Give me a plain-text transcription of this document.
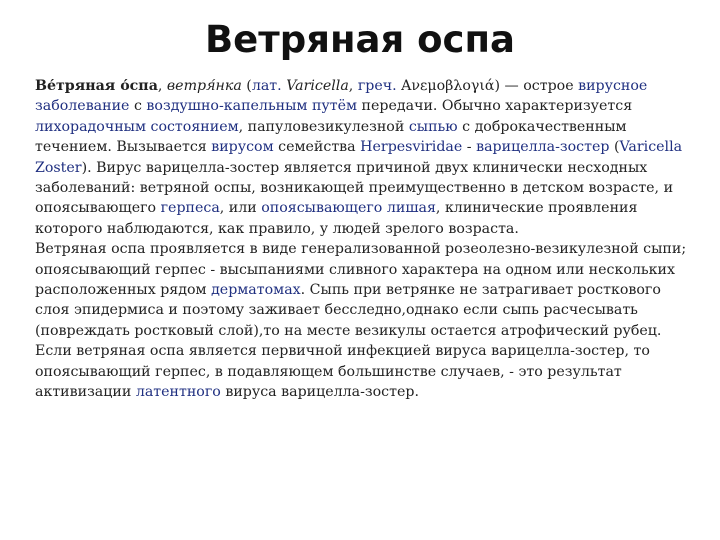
Ветряная оспа

Ве́тряная о́спа, ветря́нка (лат. Varicella, греч. Ανεμοβλογιά) — острое вирусное заболевание с воздушно-капельным путём передачи. Обычно характеризуется лихорадочным состоянием, папуловезикулезной сыпью с доброкачественным течением. Вызывается вирусом семейства Herpesviridae - варицелла-зостер (Varicella Zoster). Вирус варицелла-зостер является причиной двух клинически несходных заболеваний: ветряной оспы, возникающей преимущественно в детском возрасте, и опоясывающего герпеса, или опоясывающего лишая, клинические проявления которого наблюдаются, как правило, у людей зрелого возраста.

Ветряная оспа проявляется в виде генерализованной розеолезно-везикулезной сыпи; опоясывающий герпес - высыпаниями сливного характера на одном или нескольких расположенных рядом дерматомах. Сыпь при ветрянке не затрагивает росткового слоя эпидермиса и поэтому заживает бесследно,однако если сыпь расчесывать (повреждать ростковый слой),то на месте везикулы остается атрофический рубец.

Если ветряная оспа является первичной инфекцией вируса варицелла-зостер, то опоясывающий герпес, в подавляющем большинстве случаев, - это результат активизации латентного вируса варицелла-зостер.
